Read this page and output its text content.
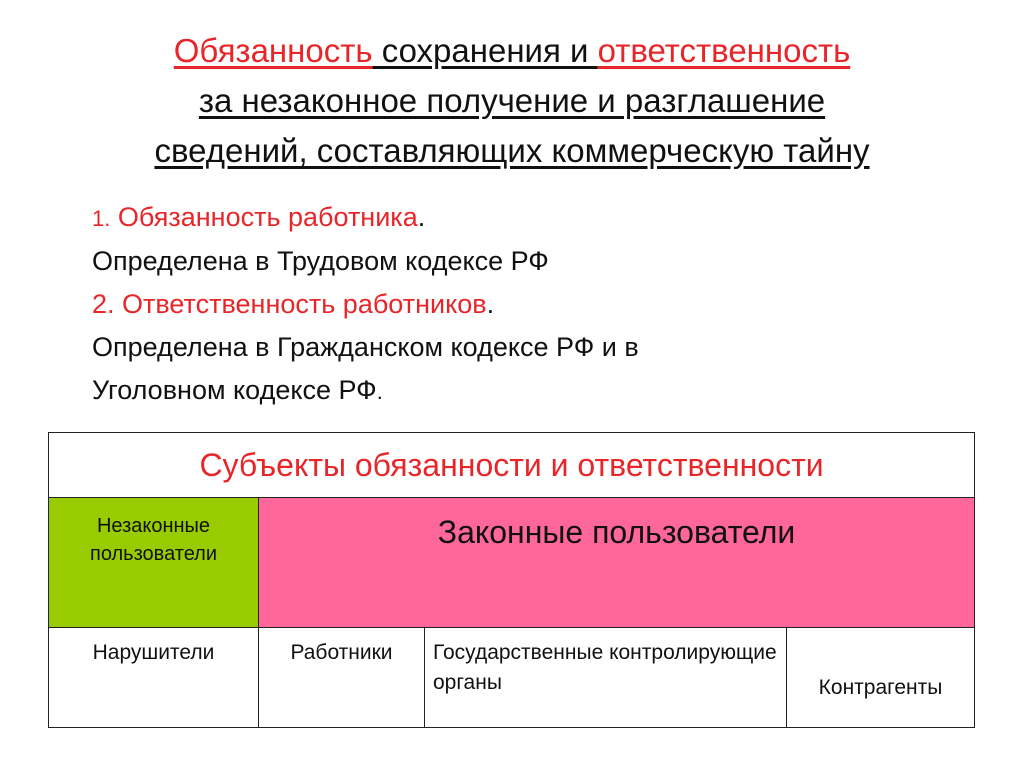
Обязанность сохранения и ответственность
за незаконное получение и разглашение
сведений, составляющих коммерческую тайну
1. Обязанность работника.
Определена в Трудовом кодексе РФ
2. Ответственность работников.
Определена в Гражданском кодексе РФ и в
Уголовном кодексе РФ.
Субъекты обязанности и ответственности			
Незаконные пользователи	Законные пользователи		
Нарушители	Работники	Государственные контролирующие органы	Контрагенты
